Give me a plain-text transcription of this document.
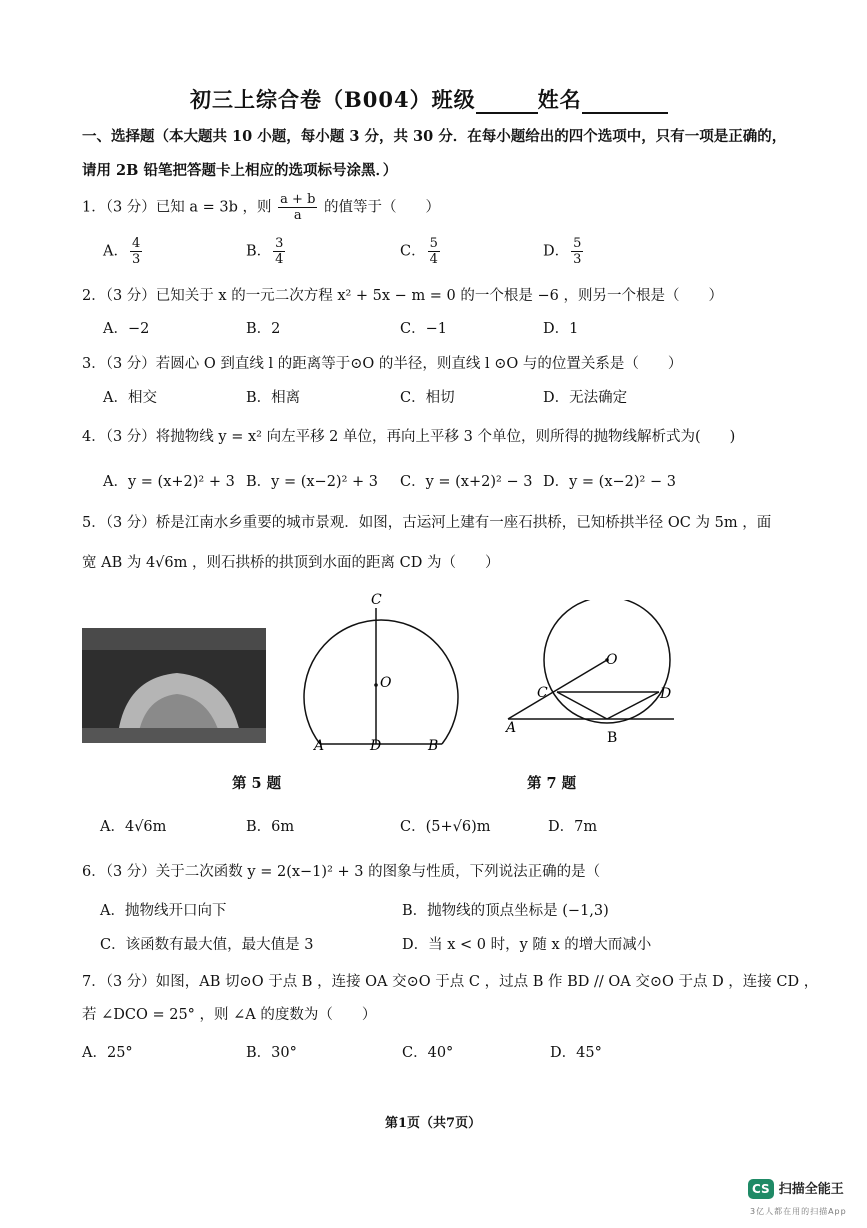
初三上综合卷（B004）班级	姓名
一、选择题（本大题共 10 小题，每小题 3 分，共 30 分．在每小题给出的四个选项中，只有一项是正确的，
请用 2B 铅笔把答题卡上相应的选项标号涂黑．）
1．（3 分）已知 a = 3b ，则 $\frac{a + b}{a}$ 的值等于（　　）
A． $\frac{4}{3}$	B． $\frac{3}{4}$	C． $\frac{5}{4}$	D． $\frac{5}{3}$
2．（3 分）已知关于 x 的一元二次方程 x² + 5x − m = 0 的一个根是 −6 ，则另一个根是（　　）
A．−2	B．2	C．−1	D．1
3．（3 分）若圆心 O 到直线 l 的距离等于⊙O 的半径，则直线 l ⊙O 与的位置关系是（　　）
A．相交	B．相离	C．相切	D．无法确定
4．（3 分）将抛物线 y = x² 向左平移 2 单位，再向上平移 3 个单位，则所得的抛物线解析式为(　　)
A．y = (x+2)² + 3 B．y = (x−2)² + 3 C．y = (x+2)² − 3 D．y = (x−2)² − 3
5．（3 分）桥是江南水乡重要的城市景观．如图，古运河上建有一座石拱桥，已知桥拱半径 OC 为 5m ，面
宽 AB 为 4√6m ，则石拱桥的拱顶到水面的距离 CD 为（　　）
C
O
A	D	B
O
C	D
A
B
第 5 题	第 7 题
A．4√6m	B．6m	C．(5+√6)m	D．7m
6．（3 分）关于二次函数 y = 2(x−1)² + 3 的图象与性质，下列说法正确的是（
A．抛物线开口向下	B．抛物线的顶点坐标是 (−1,3)
C．该函数有最大值，最大值是 3	D．当 x < 0 时，y 随 x 的增大而减小
7．（3 分）如图，AB 切⊙O 于点 B ，连接 OA 交⊙O 于点 C ，过点 B 作 BD // OA 交⊙O 于点 D ，连接 CD ，
若 ∠DCO = 25° ，则 ∠A 的度数为（　　）
A．25°	B．30°	C．40°	D．45°
第1页（共7页）
CS 扫描全能王
3亿人都在用的扫描App
